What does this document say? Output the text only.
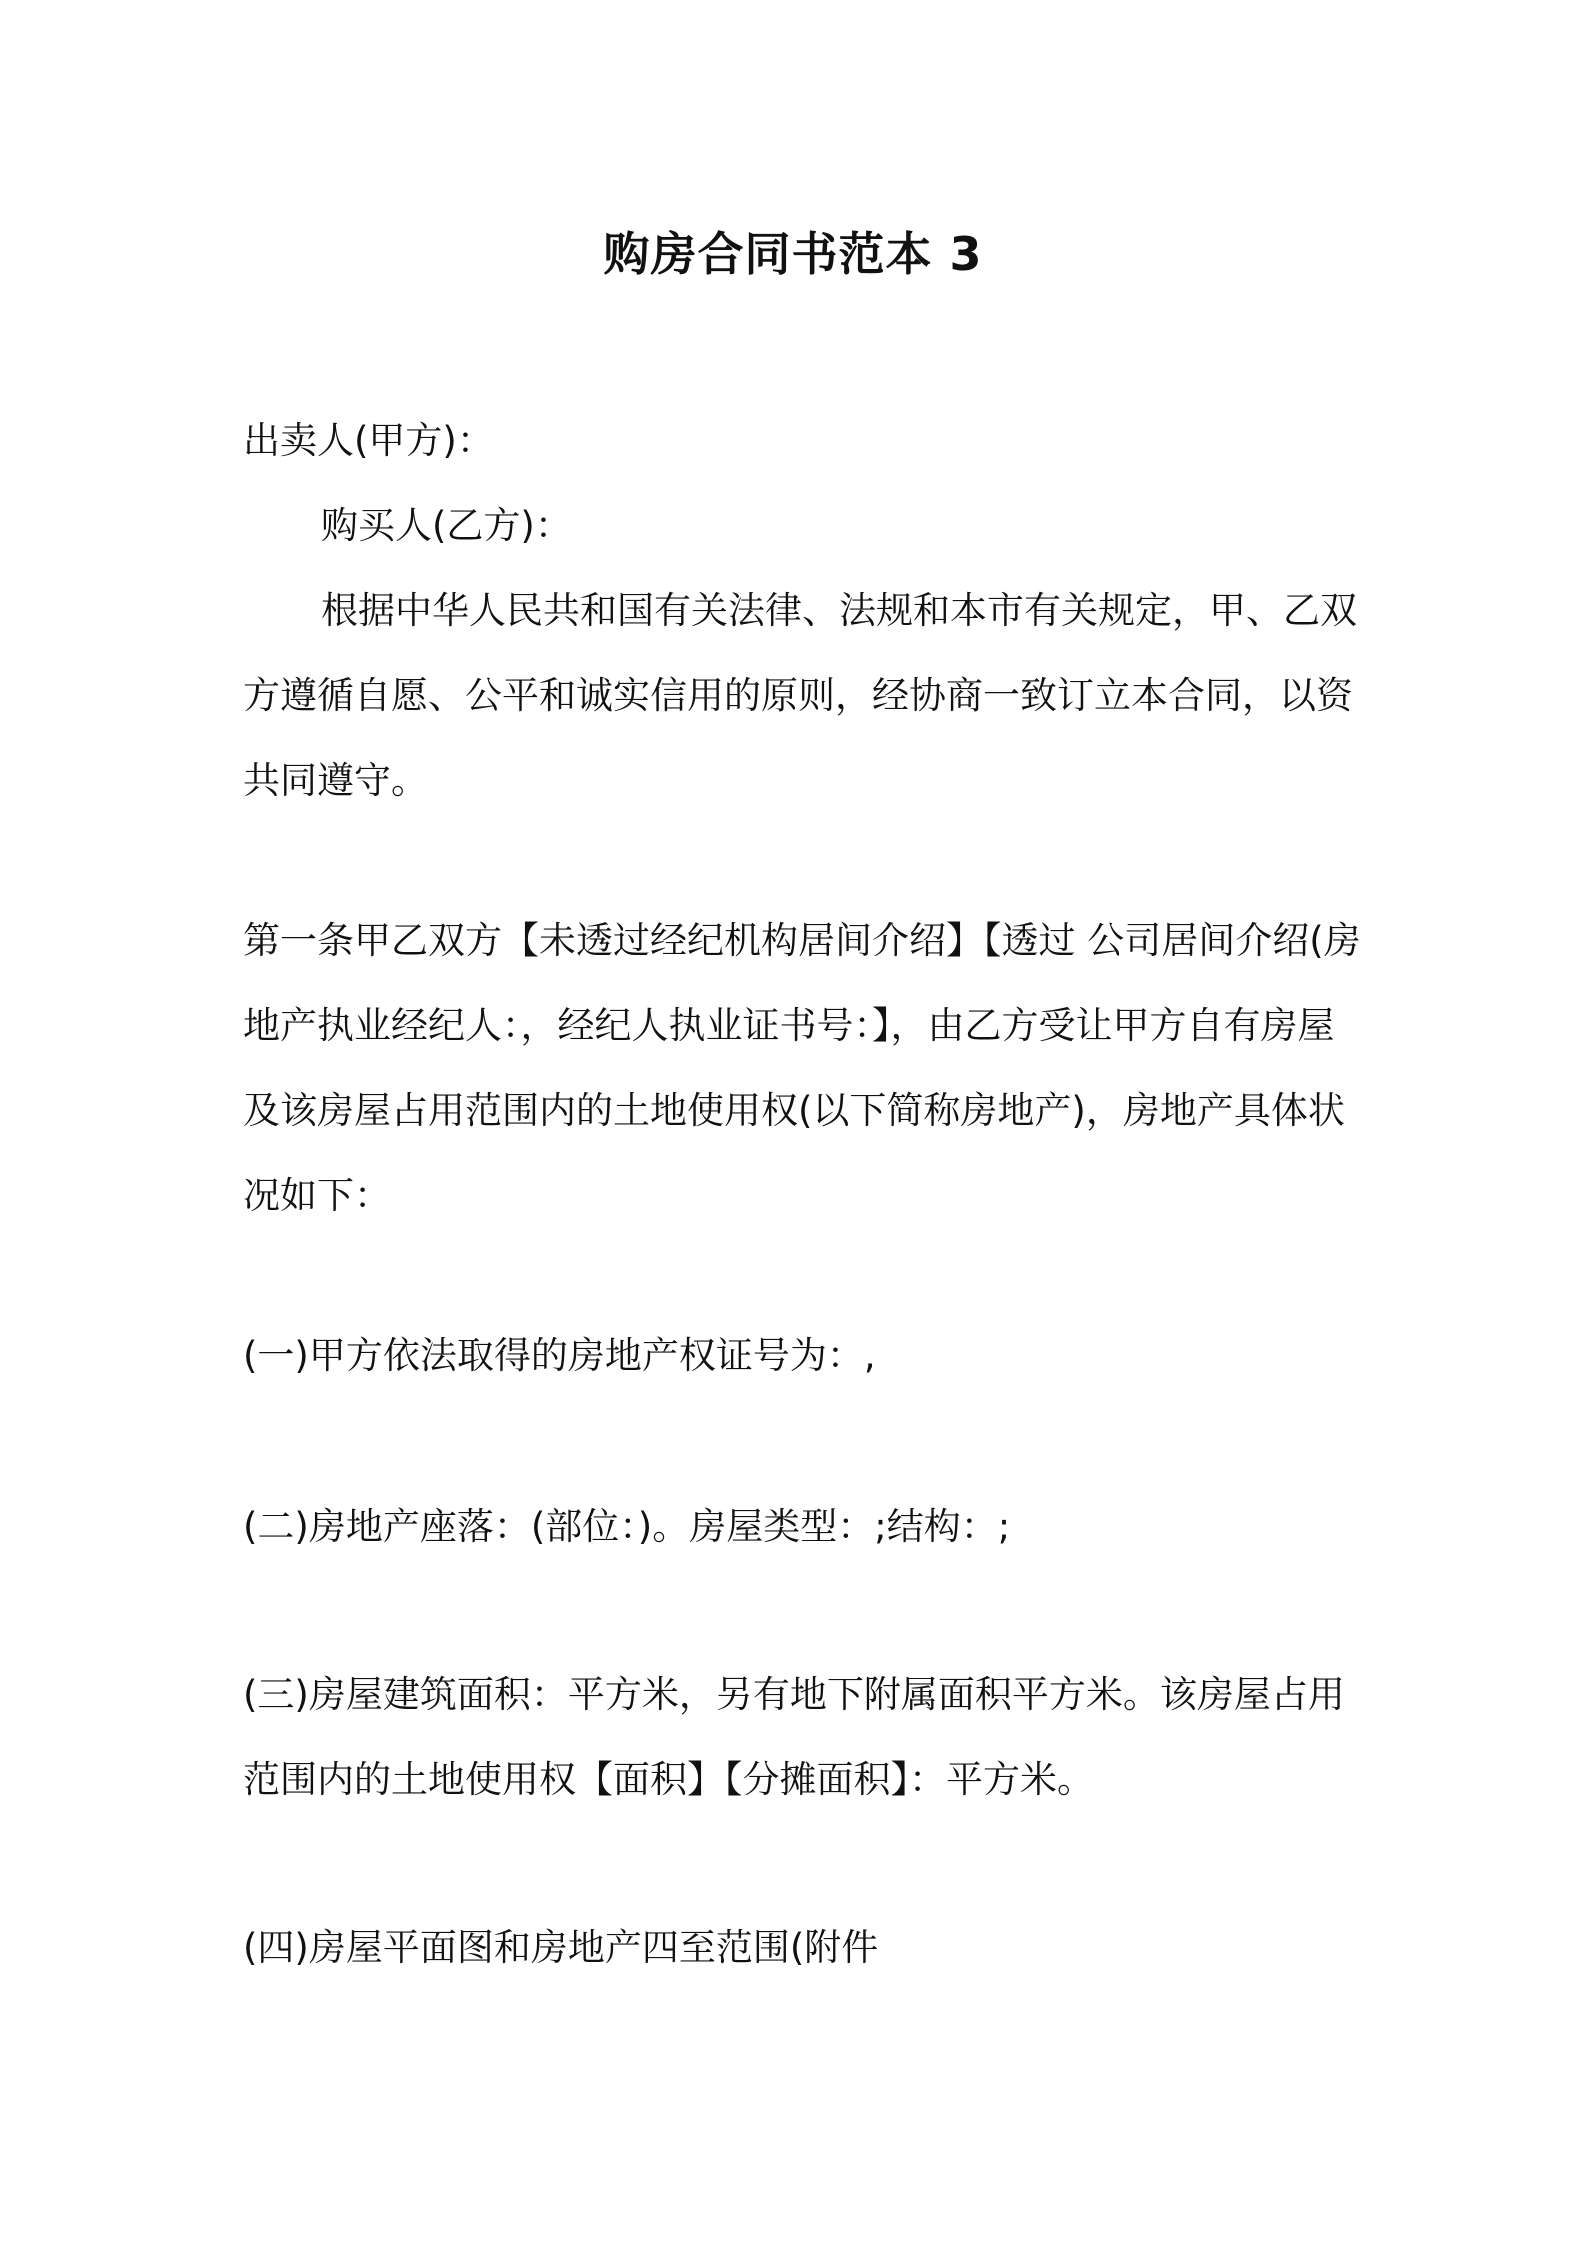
购房合同书范本 3

出卖人(甲方)：

购买人(乙方)：

根据中华人民共和国有关法律、法规和本市有关规定，甲、乙双方遵循自愿、公平和诚实信用的原则，经协商一致订立本合同，以资共同遵守。

第一条甲乙双方【未透过经纪机构居间介绍】【透过 公司居间介绍(房地产执业经纪人：，经纪人执业证书号：】，由乙方受让甲方自有房屋及该房屋占用范围内的土地使用权(以下简称房地产)，房地产具体状况如下：

(一)甲方依法取得的房地产权证号为：,

(二)房地产座落：(部位：)。房屋类型：;结构：;

(三)房屋建筑面积：平方米，另有地下附属面积平方米。该房屋占用范围内的土地使用权【面积】【分摊面积】：平方米。

(四)房屋平面图和房地产四至范围(附件
